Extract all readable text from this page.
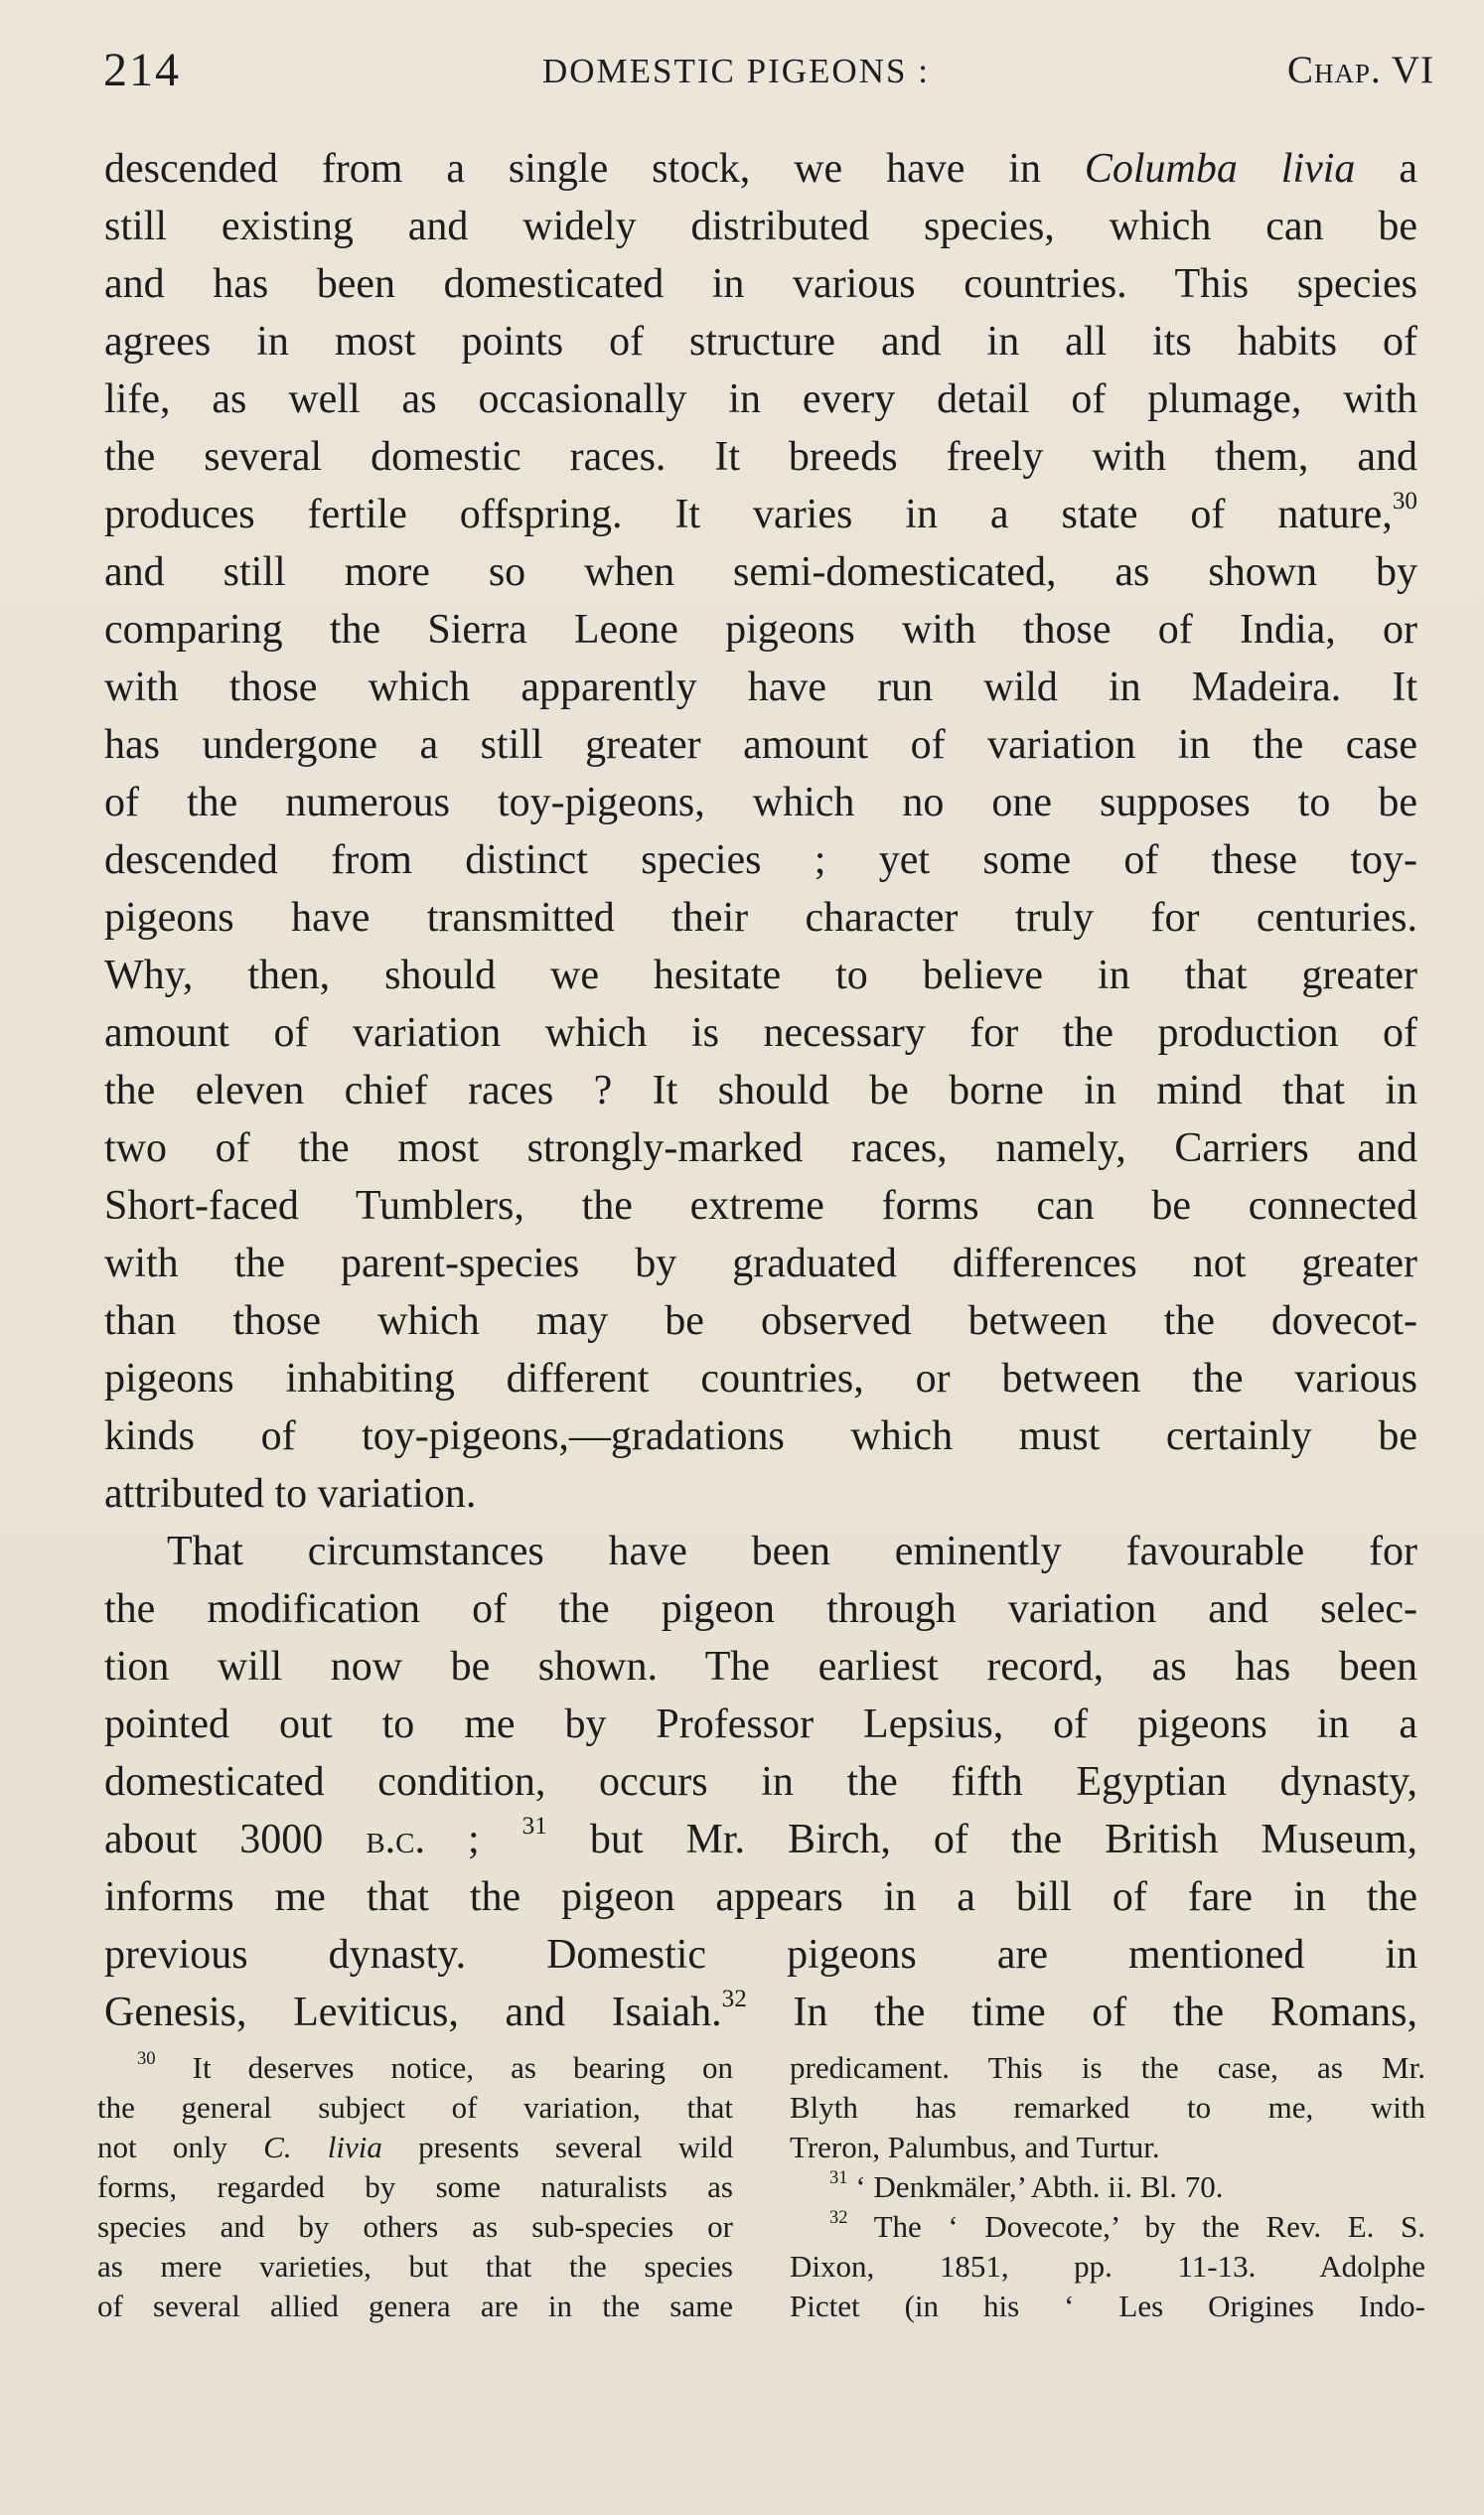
214	DOMESTIC PIGEONS :	Chap. VI
descended from a single stock, we have in Columba livia a
still existing and widely distributed species, which can be
and has been domesticated in various countries. This species
agrees in most points of structure and in all its habits of
life, as well as occasionally in every detail of plumage, with
the several domestic races. It breeds freely with them, and
produces fertile offspring. It varies in a state of nature,$^{30}$
and still more so when semi-domesticated, as shown by
comparing the Sierra Leone pigeons with those of India, or
with those which apparently have run wild in Madeira. It
has undergone a still greater amount of variation in the case
of the numerous toy-pigeons, which no one supposes to be
descended from distinct species ; yet some of these toy-
pigeons have transmitted their character truly for centuries.
Why, then, should we hesitate to believe in that greater
amount of variation which is necessary for the production of
the eleven chief races ? It should be borne in mind that in
two of the most strongly-marked races, namely, Carriers and
Short-faced Tumblers, the extreme forms can be connected
with the parent-species by graduated differences not greater
than those which may be observed between the dovecot-
pigeons inhabiting different countries, or between the various
kinds of toy-pigeons,—gradations which must certainly be
attributed to variation.
That circumstances have been eminently favourable for
the modification of the pigeon through variation and selec-
tion will now be shown. The earliest record, as has been
pointed out to me by Professor Lepsius, of pigeons in a
domesticated condition, occurs in the fifth Egyptian dynasty,
about 3000 b.c. ; $^{31}$ but Mr. Birch, of the British Museum,
informs me that the pigeon appears in a bill of fare in the
previous dynasty. Domestic pigeons are mentioned in
Genesis, Leviticus, and Isaiah.$^{32}$ In the time of the Romans,
$^{30}$ It deserves notice, as bearing on
the general subject of variation, that
not only C. livia presents several wild
forms, regarded by some naturalists as
species and by others as sub-species or
as mere varieties, but that the species
of several allied genera are in the same
predicament. This is the case, as Mr.
Blyth has remarked to me, with
Treron, Palumbus, and Turtur.
$^{31}$ ‘ Denkmäler,’ Abth. ii. Bl. 70.
$^{32}$ The ‘ Dovecote,’ by the Rev. E. S.
Dixon, 1851, pp. 11-13. Adolphe
Pictet (in his ‘ Les Origines Indo-
